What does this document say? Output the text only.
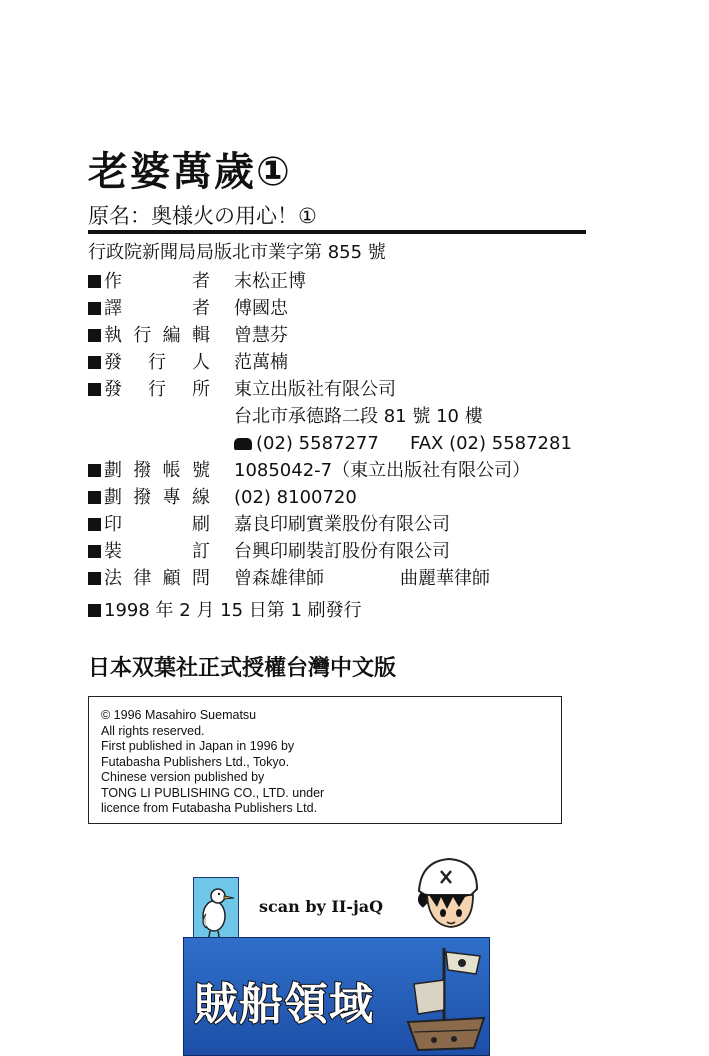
老婆萬歲①
原名：奥様火の用心！①
行政院新聞局局版北市業字第 855 號
作者 末松正博
譯者 傅國忠
執行編輯 曾慧芬
發行人 范萬楠
發行所 東立出版社有限公司
台北市承德路二段 81 號 10 樓
(02) 5587277 FAX (02) 5587281
劃撥帳號 1085042-7（東立出版社有限公司）
劃撥專線 (02) 8100720
印刷 嘉良印刷實業股份有限公司
裝訂 台興印刷裝訂股份有限公司
法律顧問 曾森雄律師	曲麗華律師
1998 年 2 月 15 日第 1 刷發行
日本双葉社正式授權台灣中文版
© 1996 Masahiro Suematsu
All rights reserved.
First published in Japan in 1996 by
Futabasha Publishers Ltd., Tokyo.
Chinese version published by
TONG LI PUBLISHING CO., LTD. under
licence from Futabasha Publishers Ltd.
scan by II-jaQ
賊船領域
